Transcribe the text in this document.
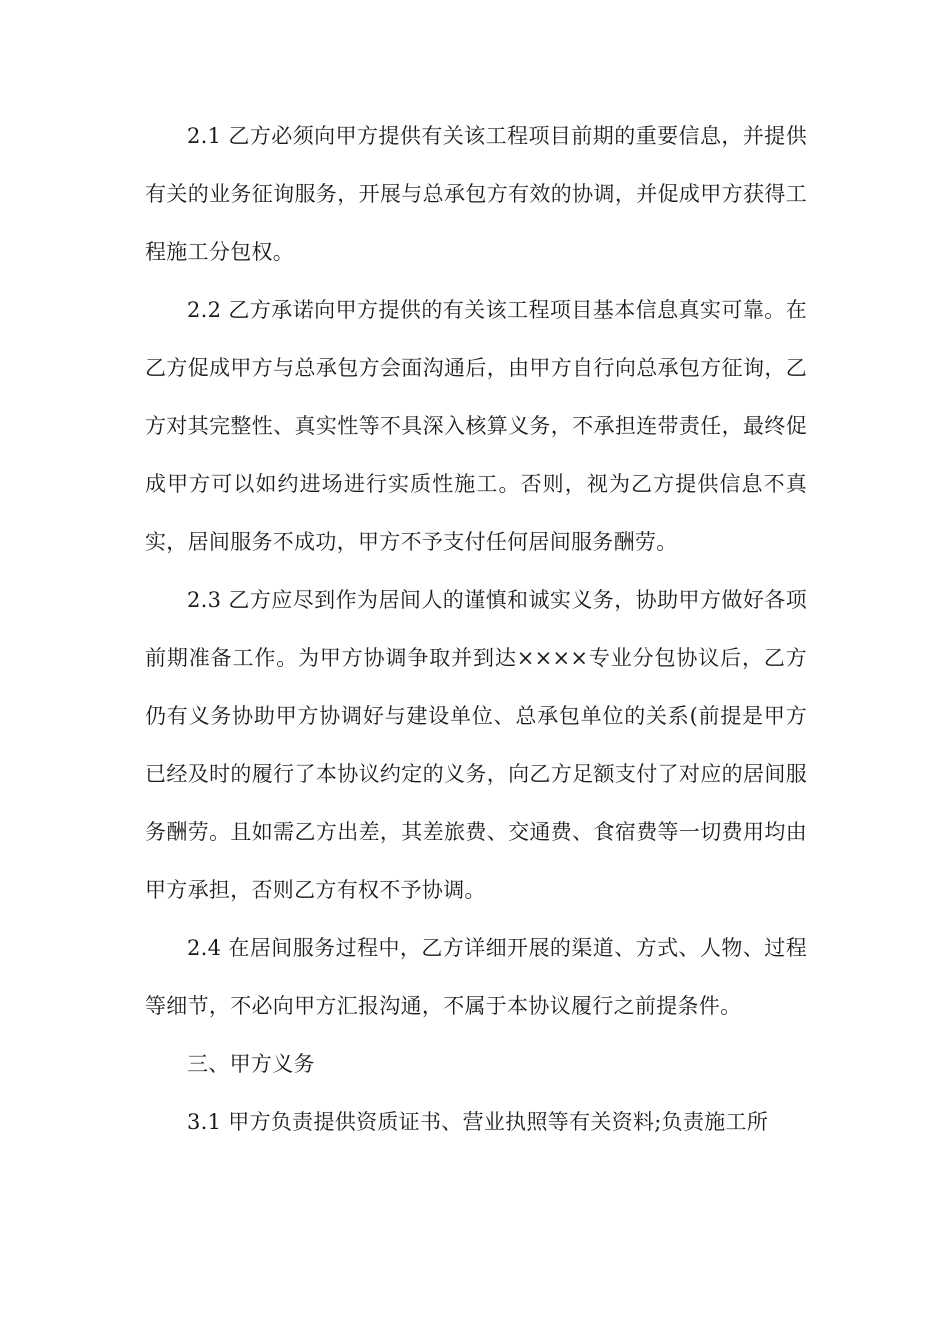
2.1 乙方必须向甲方提供有关该工程项目前期的重要信息，并提供有关的业务征询服务，开展与总承包方有效的协调，并促成甲方获得工程施工分包权。

2.2 乙方承诺向甲方提供的有关该工程项目基本信息真实可靠。在乙方促成甲方与总承包方会面沟通后，由甲方自行向总承包方征询，乙方对其完整性、真实性等不具深入核算义务，不承担连带责任，最终促成甲方可以如约进场进行实质性施工。否则，视为乙方提供信息不真实，居间服务不成功，甲方不予支付任何居间服务酬劳。

2.3 乙方应尽到作为居间人的谨慎和诚实义务，协助甲方做好各项前期准备工作。为甲方协调争取并到达××××专业分包协议后，乙方仍有义务协助甲方协调好与建设单位、总承包单位的关系(前提是甲方已经及时的履行了本协议约定的义务，向乙方足额支付了对应的居间服务酬劳。且如需乙方出差，其差旅费、交通费、食宿费等一切费用均由甲方承担，否则乙方有权不予协调。

2.4 在居间服务过程中，乙方详细开展的渠道、方式、人物、过程等细节，不必向甲方汇报沟通，不属于本协议履行之前提条件。

三、甲方义务

3.1 甲方负责提供资质证书、营业执照等有关资料;负责施工所
